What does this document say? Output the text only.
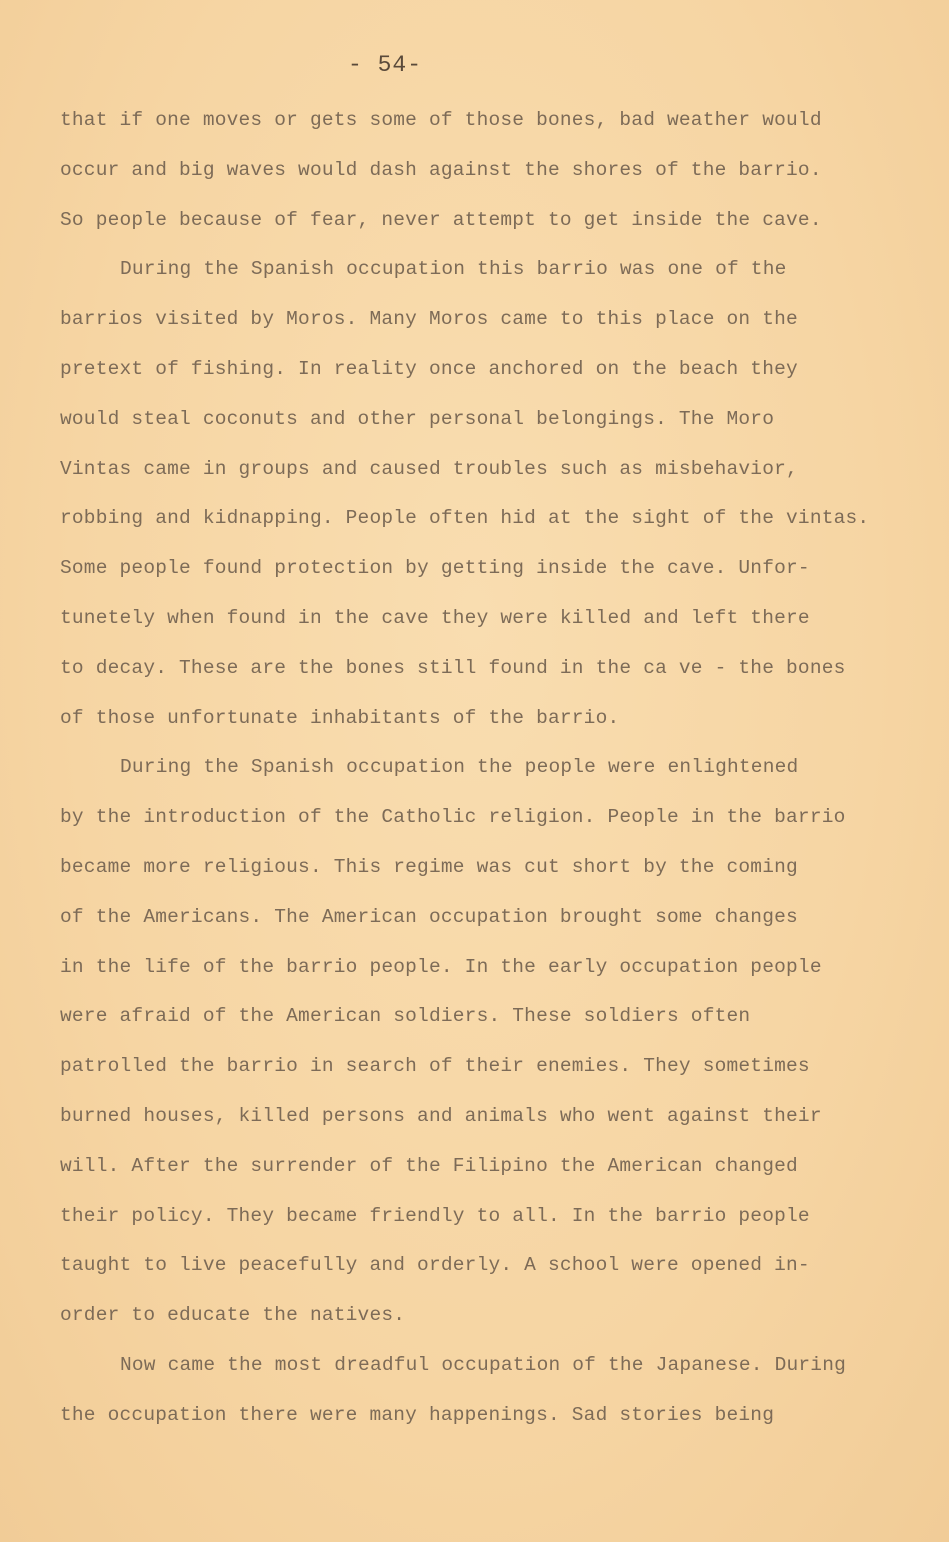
- 54-
that if one moves or gets some of those bones, bad weather would
occur and big waves would dash against the shores of the barrio.
So people because of fear, never attempt to get inside the cave.
During the Spanish occupation this barrio was one of the
barrios visited by Moros. Many Moros came to this place on the
pretext of fishing. In reality once anchored on the beach they
would steal coconuts and other personal belongings. The Moro
Vintas came in groups and caused troubles such as misbehavior,
robbing and kidnapping. People often hid at the sight of the vintas.
Some people found protection by getting inside the cave. Unfor-
tunetely when found in the cave they were killed and left there
to decay. These are the bones still found in the ca ve - the bones
of those unfortunate inhabitants of the barrio.
During the Spanish occupation the people were enlightened
by the introduction of the Catholic religion. People in the barrio
became more religious. This regime was cut short by the coming
of the Americans. The American occupation brought some changes
in the life of the barrio people. In the early occupation people
were afraid of the American soldiers. These soldiers often
patrolled the barrio in search of their enemies. They sometimes
burned houses, killed persons and animals who went against their
will. After the surrender of the Filipino the American changed
their policy. They became friendly to all. In the barrio people
taught to live peacefully and orderly. A school were opened in-
order to educate the natives.
Now came the most dreadful occupation of the Japanese. During
the occupation there were many happenings. Sad stories being
